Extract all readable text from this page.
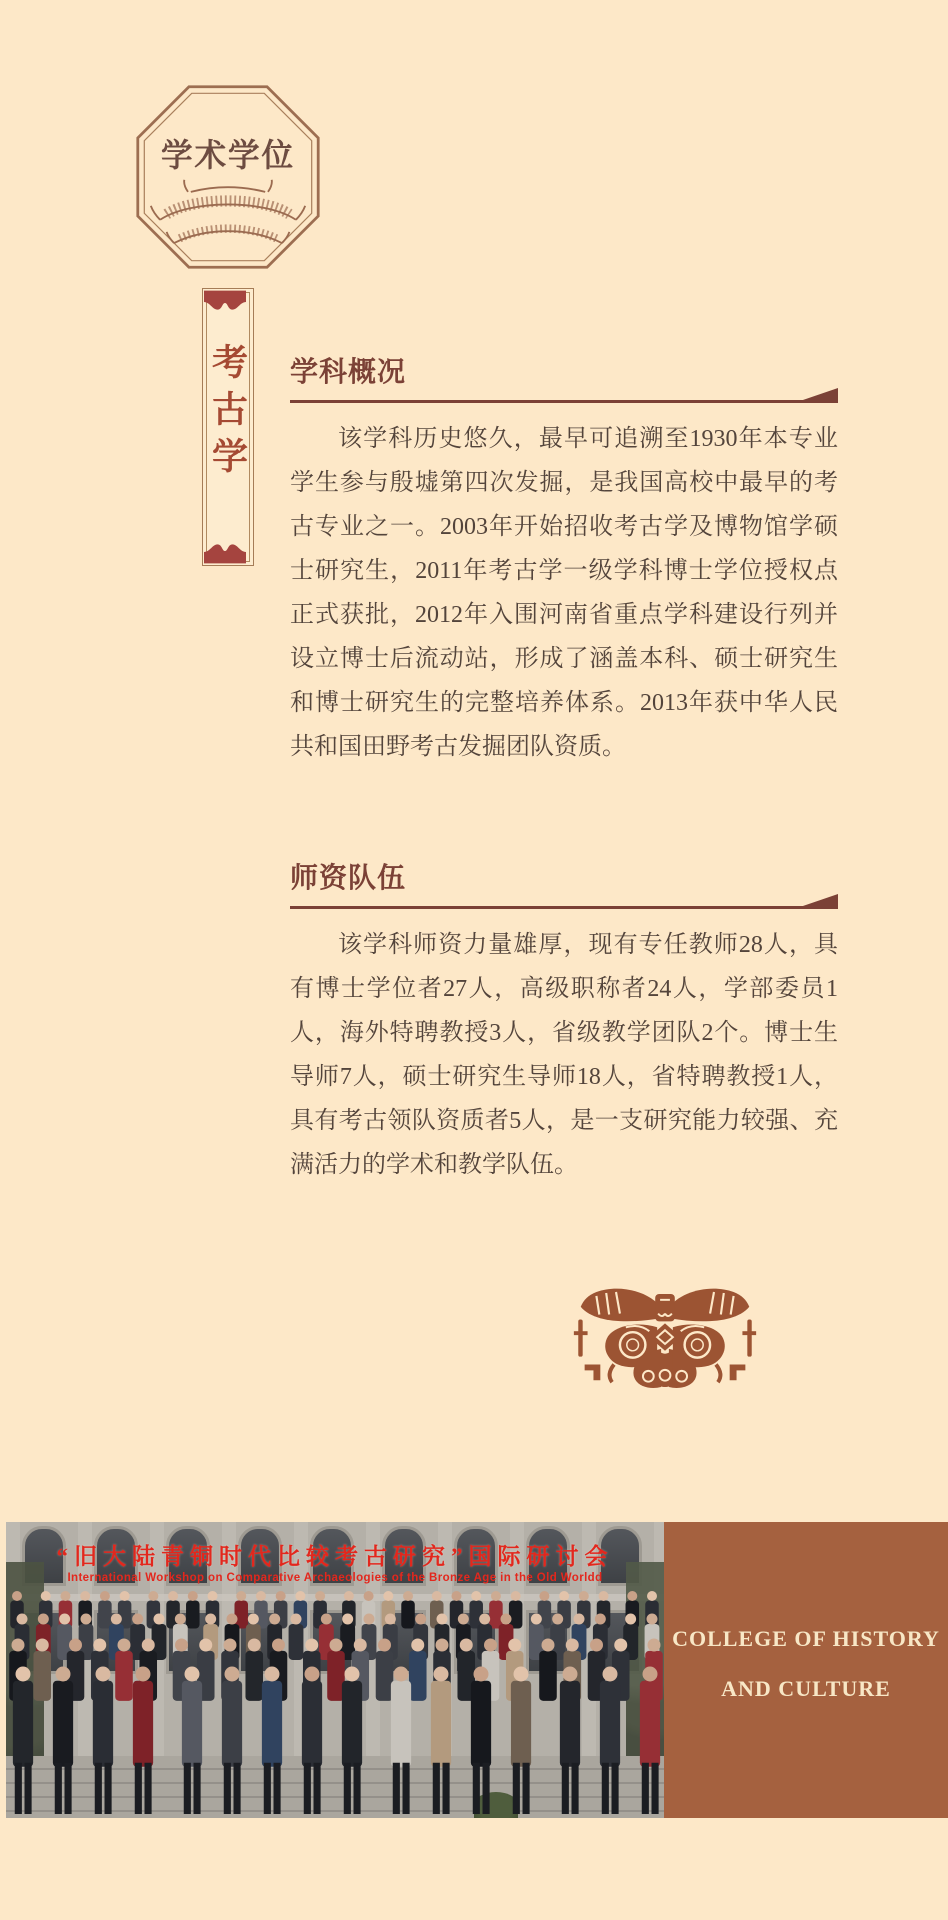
学术学位
考古学 学科概况

该学科历史悠久，最早可追溯至1930年本专业学生参与殷墟第四次发掘，是我国高校中最早的考古专业之一。2003年开始招收考古学及博物馆学硕士研究生，2011年考古学一级学科博士学位授权点正式获批，2012年入围河南省重点学科建设行列并设立博士后流动站，形成了涵盖本科、硕士研究生和博士研究生的完整培养体系。2013年获中华人民共和国田野考古发掘团队资质。

师资队伍

该学科师资力量雄厚，现有专任教师28人，具有博士学位者27人，高级职称者24人，学部委员1人，海外特聘教授3人，省级教学团队2个。博士生导师7人，硕士研究生导师18人，省特聘教授1人，具有考古领队资质者5人，是一支研究能力较强、充满活力的学术和教学队伍。

“旧大陆青铜时代比较考古研究”国际研讨会
International Workshop on Comparative Archaeologies of the Bronze Age in the Old Worldd
COLLEGE OF HISTORY
AND CULTURE
